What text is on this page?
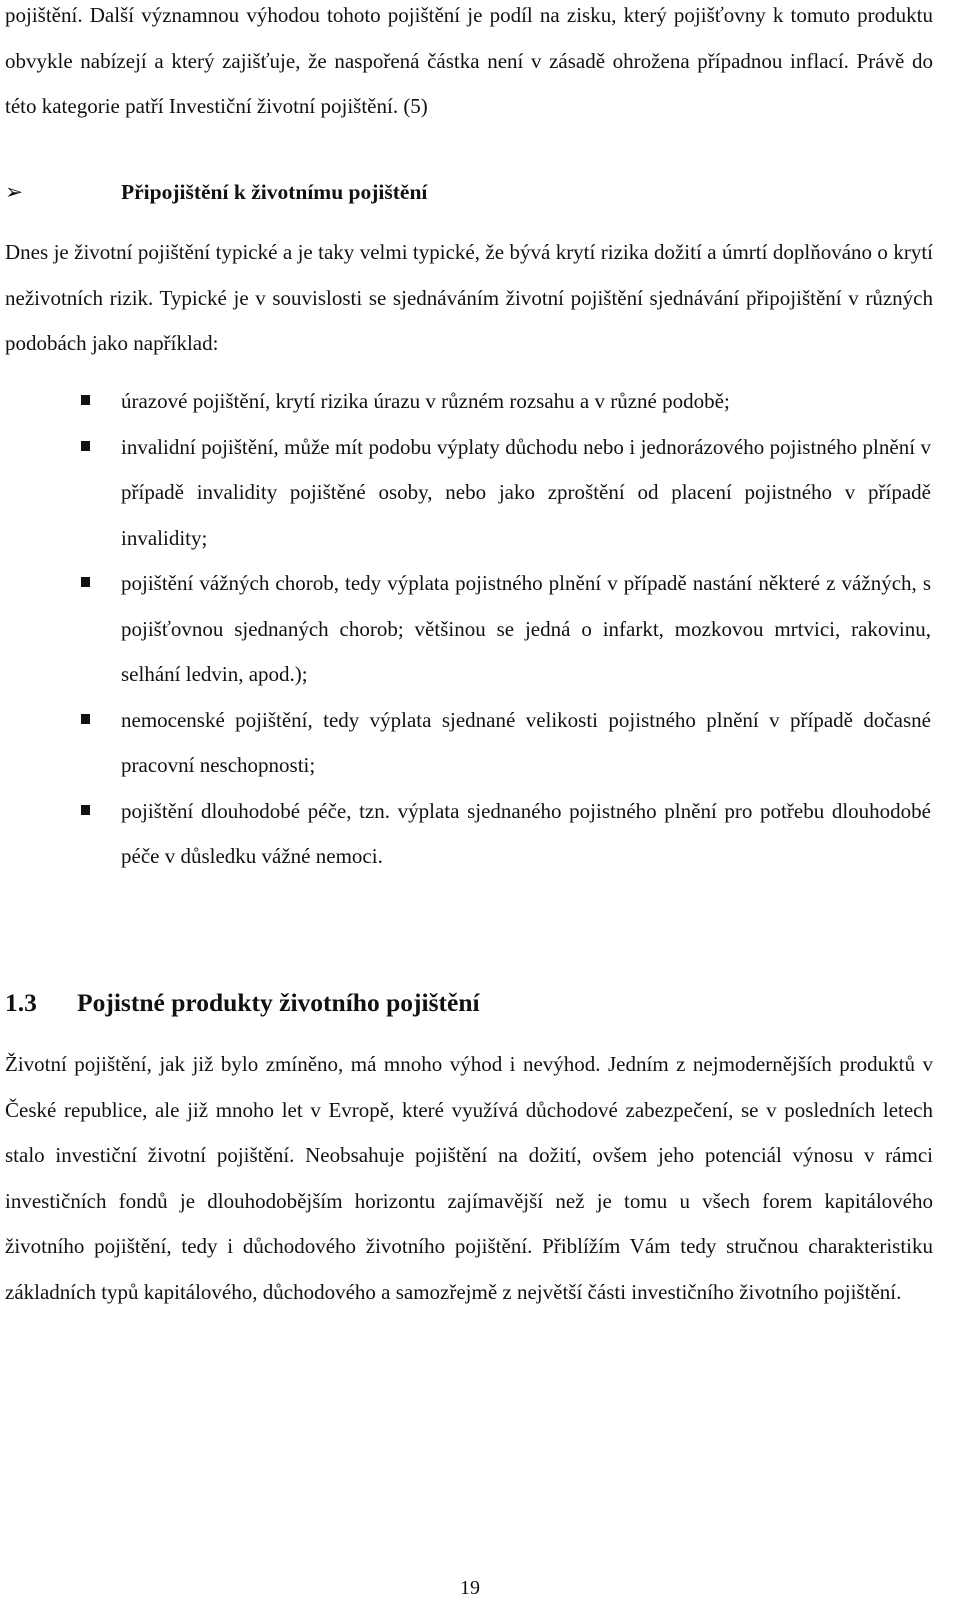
pojištění. Další významnou výhodou tohoto pojištění je podíl na zisku, který pojišťovny k tomuto produktu obvykle nabízejí a který zajišťuje, že naspořená částka není v zásadě ohrožena případnou inflací. Právě do této kategorie patří Investiční životní pojištění. (5)

➢	Připojištění k životnímu pojištění

Dnes je životní pojištění typické a je taky velmi typické, že bývá krytí rizika dožití a úmrtí doplňováno o krytí neživotních rizik. Typické je v souvislosti se sjednáváním životní pojištění sjednávání připojištění v různých podobách jako například:

úrazové pojištění, krytí rizika úrazu v různém rozsahu a v různé podobě;
invalidní pojištění, může mít podobu výplaty důchodu nebo i jednorázového pojistného plnění v případě invalidity pojištěné osoby, nebo jako zproštění od placení pojistného v případě invalidity;
pojištění vážných chorob, tedy výplata pojistného plnění v případě nastání některé z vážných, s pojišťovnou sjednaných chorob; většinou se jedná o infarkt, mozkovou mrtvici, rakovinu, selhání ledvin, apod.);
nemocenské pojištění, tedy výplata sjednané velikosti pojistného plnění v případě dočasné pracovní neschopnosti;
pojištění dlouhodobé péče, tzn. výplata sjednaného pojistného plnění pro potřebu dlouhodobé péče v důsledku vážné nemoci.
1.3 Pojistné produkty životního pojištění

Životní pojištění, jak již bylo zmíněno, má mnoho výhod i nevýhod. Jedním z nejmodernějších produktů v České republice, ale již mnoho let v Evropě, které využívá důchodové zabezpečení, se v posledních letech stalo investiční životní pojištění. Neobsahuje pojištění na dožití, ovšem jeho potenciál výnosu v rámci investičních fondů je dlouhodobějším horizontu zajímavější než je tomu u všech forem kapitálového životního pojištění, tedy i důchodového životního pojištění. Přiblížím Vám tedy stručnou charakteristiku základních typů kapitálového, důchodového a samozřejmě z největší části investičního životního pojištění.

19
